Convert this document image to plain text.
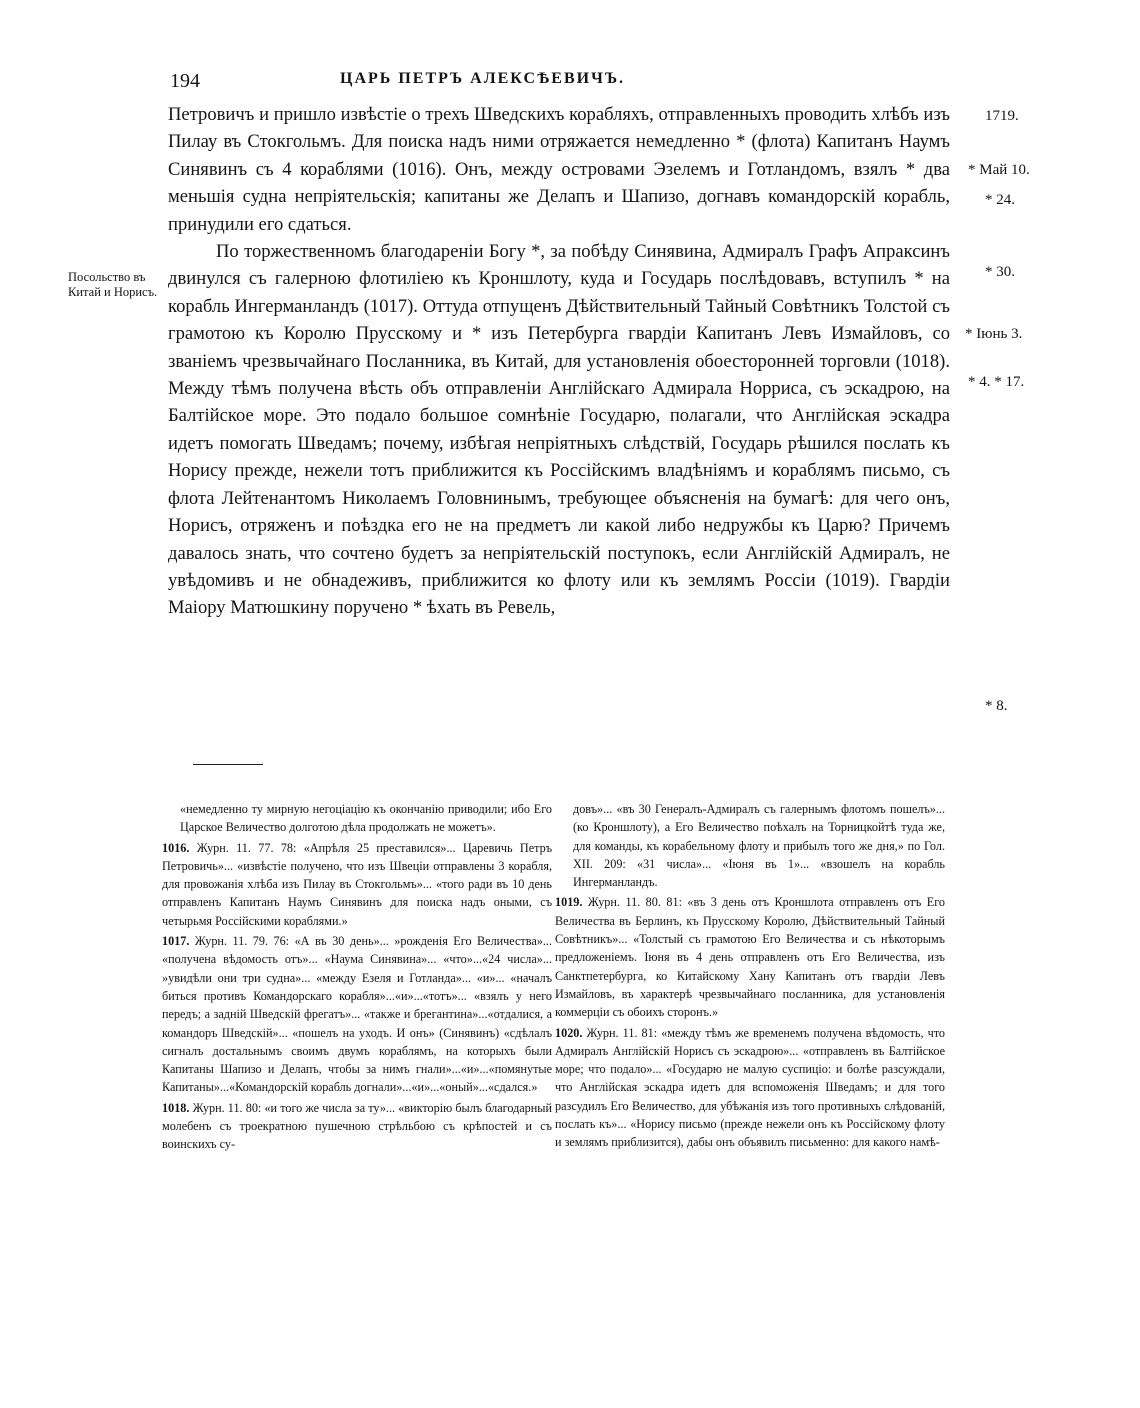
194	ЦАРЬ ПЕТРЪ АЛЕКСѢЕВИЧЪ.
Посольство въ Китай и Норисъ.
1719.
* Май 10.
* 24.
* 30.
* Іюнь 3.
* 4. * 17.
* 8.

Петровичъ и пришло извѣстіе о трехъ Шведскихъ корабляхъ, отправленныхъ проводить хлѣбъ изъ Пилау въ Стокгольмъ. Для поиска надъ ними отряжается немедленно * (флота) Капитанъ Наумъ Синявинъ съ 4 кораблями (1016). Онъ, между островами Эзелемъ и Готландомъ, взялъ * два меньшія судна непріятельскія; капитаны же Делапъ и Шапизо, догнавъ командорскій корабль, принудили его сдаться.

По торжественномъ благодареніи Богу *, за побѣду Синявина, Адмиралъ Графъ Апраксинъ двинулся съ галерною флотиліею къ Кроншлоту, куда и Государь послѣдовавъ, вступилъ * на корабль Ингерманландъ (1017). Оттуда отпущенъ Дѣйствительный Тайный Совѣтникъ Толстой съ грамотою къ Королю Прусскому и * изъ Петербурга гвардіи Капитанъ Левъ Измайловъ, со званіемъ чрезвычайнаго Посланника, въ Китай, для установленія обоесторонней торговли (1018). Между тѣмъ получена вѣсть объ отправленіи Англійскаго Адмирала Норриса, съ эскадрою, на Балтійское море. Это подало большое сомнѣніе Государю, полагали, что Англійская эскадра идетъ помогать Шведамъ; почему, избѣгая непріятныхъ слѣдствій, Государь рѣшился послать къ Норису прежде, нежели тотъ приближится къ Россійскимъ владѣніямъ и кораблямъ письмо, съ флота Лейтенантомъ Николаемъ Головнинымъ, требующее объясненія на бумагѣ: для чего онъ, Норисъ, отряженъ и поѣздка его не на предметъ ли какой либо недружбы къ Царю? Причемъ давалось знать, что сочтено будетъ за непріятельскій поступокъ, если Англійскій Адмиралъ, не увѣдомивъ и не обнадеживъ, приближится ко флоту или къ землямъ Россіи (1019). Гвардіи Маіору Матюшкину поручено * ѣхать въ Ревель,

«немедленно ту мирную негоціацію къ окончанію приводили; ибо Его Царское Величество долготою дѣла продолжать не можетъ».

1016. Журн. 11. 77. 78: «Апрѣля 25 преставился»... Царевичь Петръ Петровичь»... «извѣстіе получено, что изъ Швеціи отправлены 3 корабля, для провожанія хлѣба изъ Пилау въ Стокгольмъ»... «того ради въ 10 день отправленъ Капитанъ Наумъ Синявинъ для поиска надъ оными, съ четырьмя Россійскими кораблями.»

1017. Журн. 11. 79. 76: «А въ 30 день»... »рожденія Его Величества»... «получена вѣдомость отъ»... «Наума Синявина»... «что»...«24 числа»... »увидѣли они три судна»... «между Езеля и Готланда»... «и»... «началъ биться противъ Командорскаго корабля»...«и»...«тотъ»... «взялъ у него передъ; а задній Шведскій фрегатъ»... «также и брегантина»...«отдалися, а командоръ Шведскій»... «пошелъ на уходъ. И онъ» (Синявинъ) «сдѣлалъ сигналъ достальнымъ своимъ двумъ кораблямъ, на которыхъ были Капитаны Шапизо и Делапъ, чтобы за нимъ гнали»...«и»...«помянутые Капитаны»...«Командорскій корабль догнали»...«и»...«оный»...«сдался.»

1018. Журн. 11. 80: «и того же числа за ту»... «викторію былъ благодарный молебенъ съ троекратною пушечною стрѣльбою съ крѣпостей и съ воинскихъ су-

довъ»... «въ 30 Генералъ-Адмиралъ съ галернымъ флотомъ пошелъ»... (ко Кроншлоту), а Его Величество поѣхалъ на Торницкойтѣ туда же, для команды, къ корабельному флоту и прибылъ того же дня,» по Гол. XII. 209: «31 числа»... «Іюня въ 1»... «взошелъ на корабль Ингерманландъ.

1019. Журн. 11. 80. 81: «въ 3 день отъ Кроншлота отправленъ отъ Его Величества въ Берлинъ, къ Прусскому Королю, Дѣйствительный Тайный Совѣтникъ»... «Толстый съ грамотою Его Величества и съ нѣкоторымъ предложеніемъ. Іюня въ 4 день отправленъ отъ Его Величества, изъ Санктпетербурга, ко Китайскому Хану Капитанъ отъ гвардіи Левъ Измайловъ, въ характерѣ чрезвычайнаго посланника, для установленія коммерціи съ обоихъ сторонъ.»

1020. Журн. 11. 81: «между тѣмъ же временемъ получена вѣдомость, что Адмиралъ Англійскій Норисъ съ эскадрою»... «отправленъ въ Балтійское море; что подало»... «Государю не малую суспиціо: и болѣе разсуждали, что Англійская эскадра идетъ для вспоможенія Шведамъ; и для того разсудилъ Его Величество, для убѣжанія изъ того противныхъ слѣдованій, послать къ»... «Норису письмо (прежде нежели онъ къ Россійскому флоту и землямъ приблизится), дабы онъ объявилъ письменно: для какого намѣ-
